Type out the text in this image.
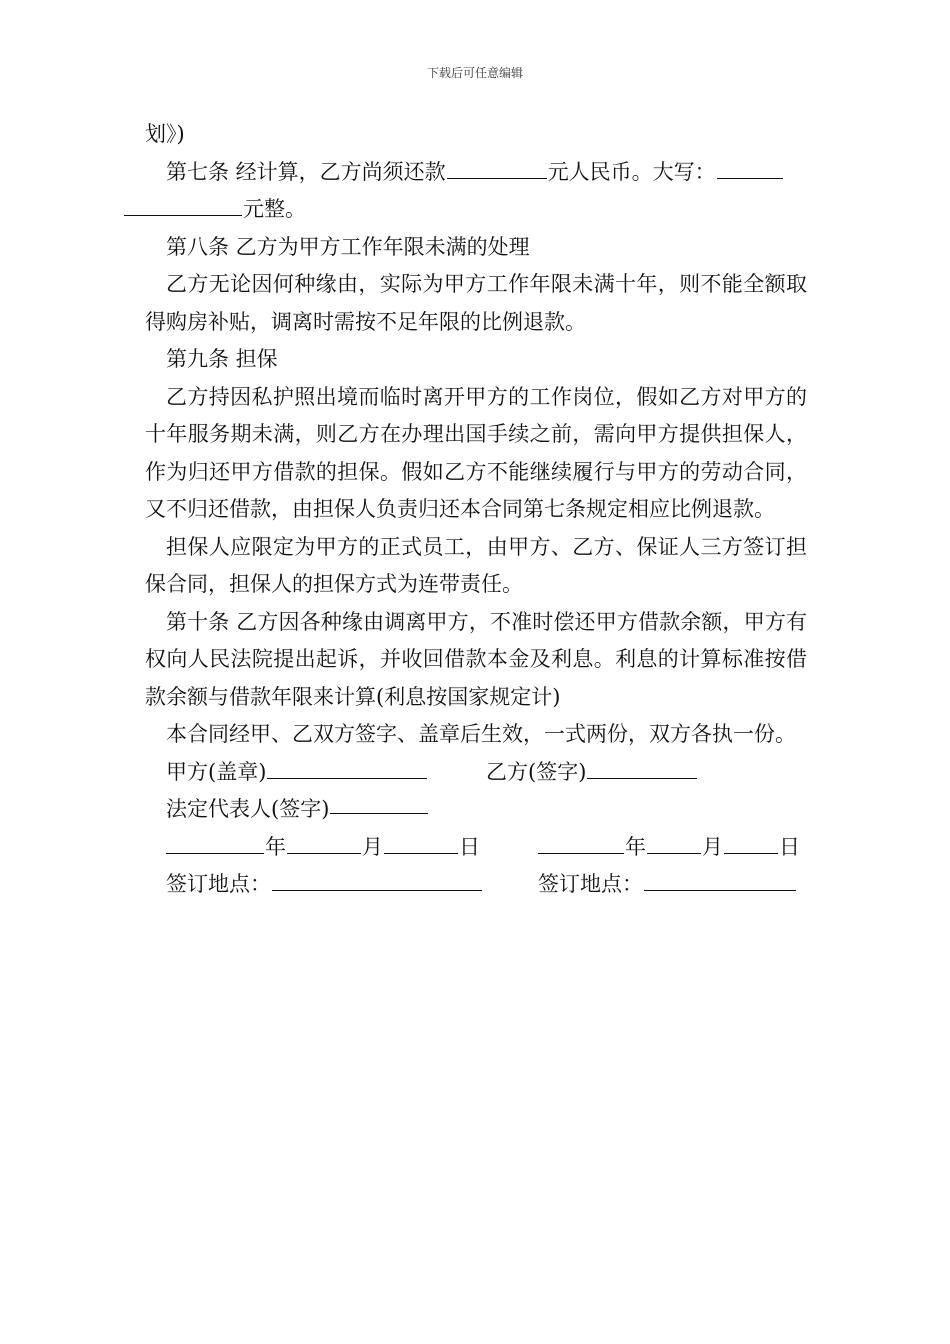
下载后可任意编辑

划》)

第七条 经计算，乙方尚须还款	元人民币。大写：
元整。

第八条 乙方为甲方工作年限未满的处理

乙方无论因何种缘由，实际为甲方工作年限未满十年，则不能全额取得购房补贴，调离时需按不足年限的比例退款。

第九条 担保

乙方持因私护照出境而临时离开甲方的工作岗位，假如乙方对甲方的十年服务期未满，则乙方在办理出国手续之前，需向甲方提供担保人，作为归还甲方借款的担保。假如乙方不能继续履行与甲方的劳动合同，又不归还借款，由担保人负责归还本合同第七条规定相应比例退款。

担保人应限定为甲方的正式员工，由甲方、乙方、保证人三方签订担保合同，担保人的担保方式为连带责任。

第十条 乙方因各种缘由调离甲方，不准时偿还甲方借款余额，甲方有权向人民法院提出起诉，并收回借款本金及利息。利息的计算标准按借款余额与借款年限来计算(利息按国家规定计)

本合同经甲、乙双方签字、盖章后生效，一式两份，双方各执一份。

甲方(盖章)	乙方(签字)
法定代表人(签字)
年	月	日	年	月	日
签订地点：	签订地点：
